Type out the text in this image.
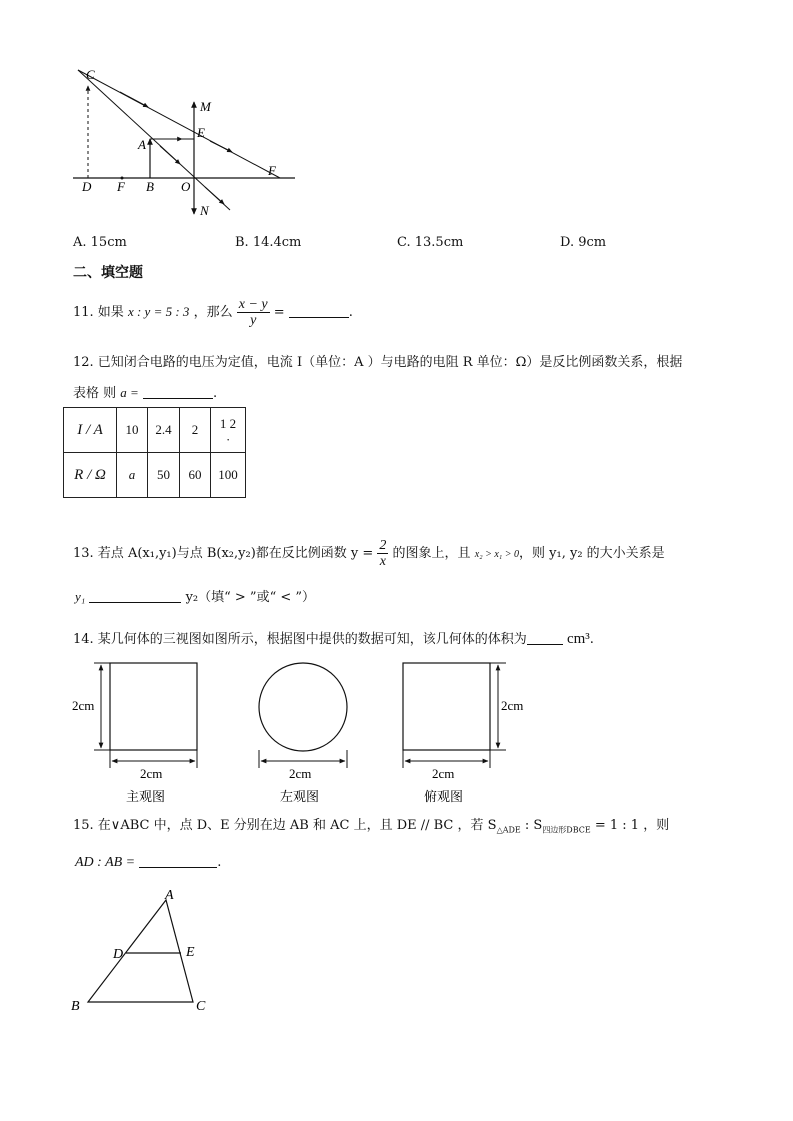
C
M
E
A
F
D F B O
N
A. 15cm	B. 14.4cm	C. 13.5cm	D. 9cm
二、填空题
11. 如果 x : y = 5 : 3 ，那么 $\frac{x - y}{y}$ =	.
12. 已知闭合电路的电压为定值，电流 I（单位：A ）与电路的电阻 R 单位：Ω）是反比例函数关系，根据
表格 则 a =	.
I / A	10	2.4	2	1 2
·

R / Ω	a	50	60	100
13. 若点 A(x₁,y₁)与点 B(x₂,y₂)都在反比例函数 $y = \frac{2}{x}$ 的图象上，且 x₂ > x₁ > 0，则 y₁, y₂ 的大小关系是
y₁	y₂（填“ > ”或“ < ”）
14. 某几何体的三视图如图所示，根据图中提供的数据可知，该几何体的体积为	cm³.
2cm
2cm
主观图
2cm
左观图
2cm
2cm
俯观图
15. 在∨ABC 中，点 D、E 分别在边 AB 和 AC 上，且 DE // BC ，若 $S_{\triangle ADE}$ : $S_{四边形DBCE} = 1$ : 1 ，则
AD : AB =	.
A
D	E
B	C
